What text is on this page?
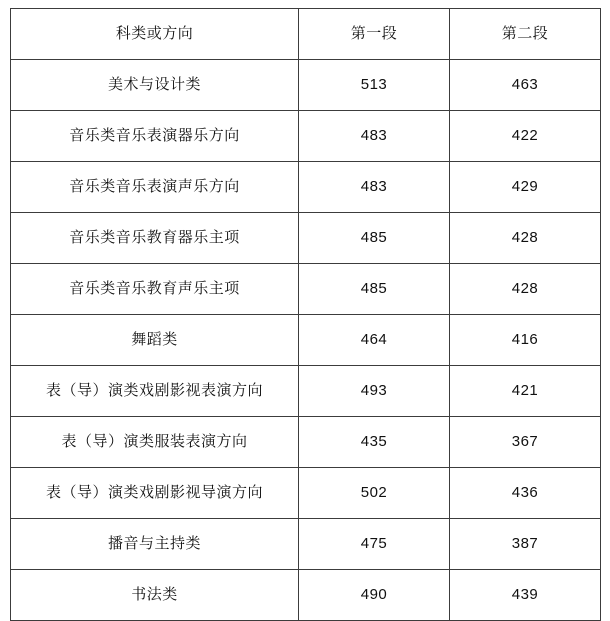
科类或方向	第一段	第二段
美术与设计类	513	463
音乐类音乐表演器乐方向	483	422
音乐类音乐表演声乐方向	483	429
音乐类音乐教育器乐主项	485	428
音乐类音乐教育声乐主项	485	428
舞蹈类	464	416
表（导）演类戏剧影视表演方向	493	421
表（导）演类服装表演方向	435	367
表（导）演类戏剧影视导演方向	502	436
播音与主持类	475	387
书法类	490	439
